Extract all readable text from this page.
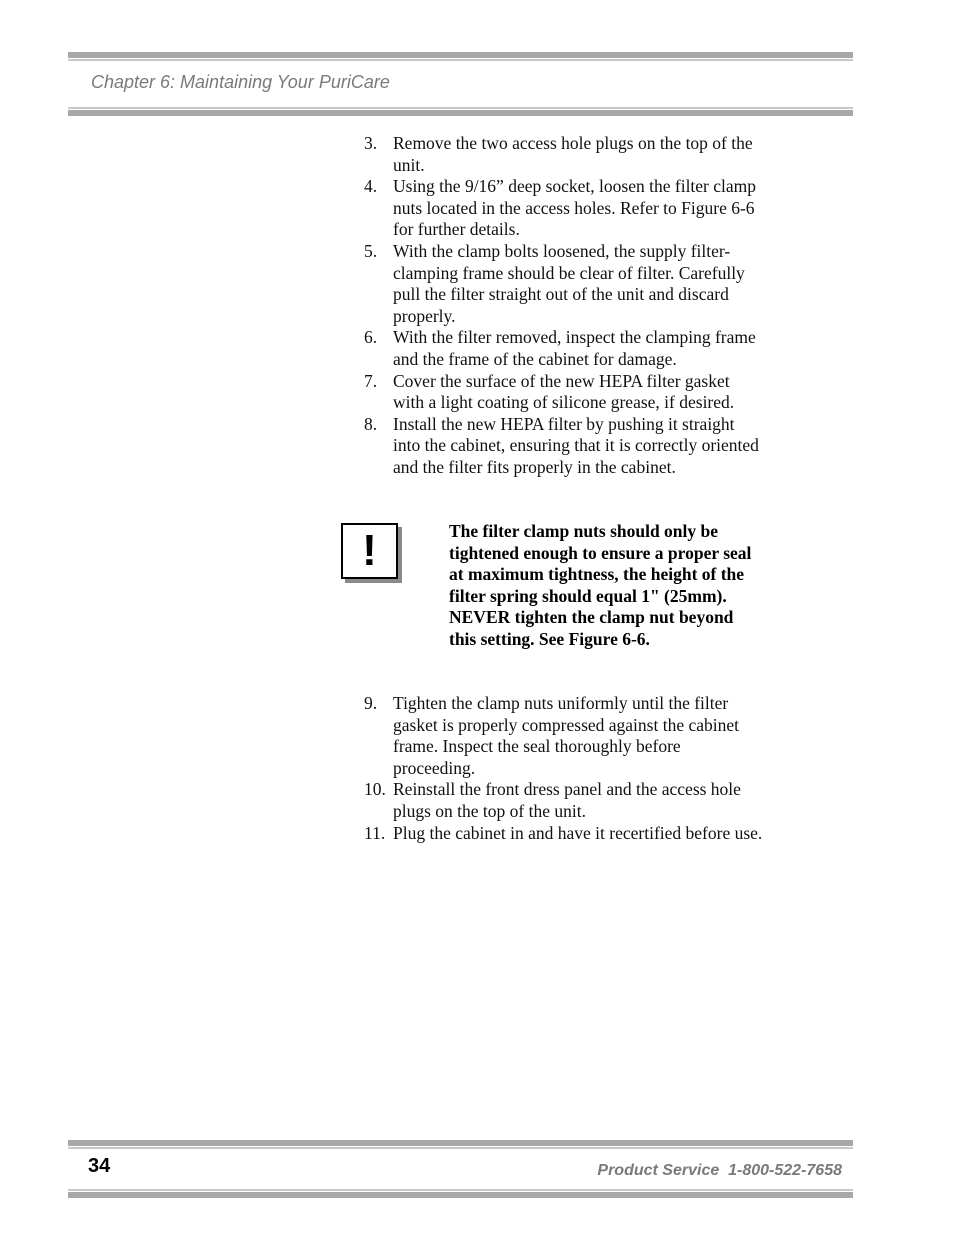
Chapter 6: Maintaining Your PuriCare
3. Remove the two access hole plugs on the top of the unit.
4. Using the 9/16” deep socket, loosen the filter clamp nuts located in the access holes. Refer to Figure 6-6 for further details.
5. With the clamp bolts loosened, the supply filter-clamping frame should be clear of filter. Carefully pull the filter straight out of the unit and discard properly.
6. With the filter removed, inspect the clamping frame and the frame of the cabinet for damage.
7. Cover the surface of the new HEPA filter gasket with a light coating of silicone grease, if desired.
8. Install the new HEPA filter by pushing it straight into the cabinet, ensuring that it is correctly oriented and the filter fits properly in the cabinet.
!	The filter clamp nuts should only be tightened enough to ensure a proper seal at maximum tightness, the height of the filter spring should equal 1" (25mm). NEVER tighten the clamp nut beyond this setting. See Figure 6-6.
9. Tighten the clamp nuts uniformly until the filter gasket is properly compressed against the cabinet frame. Inspect the seal thoroughly before proceeding.
10. Reinstall the front dress panel and the access hole plugs on the top of the unit.
11. Plug the cabinet in and have it recertified before use.
34	Product Service  1-800-522-7658
